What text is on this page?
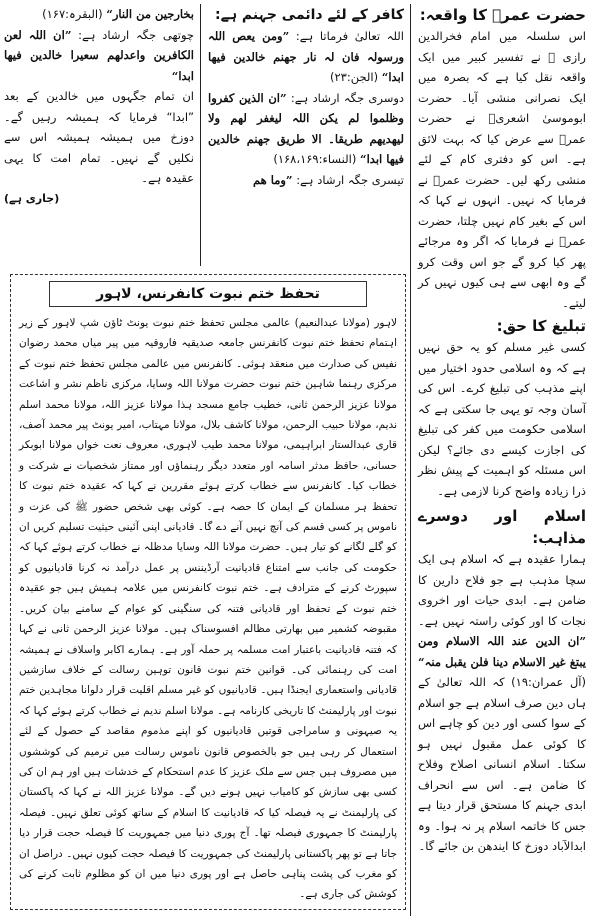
حضرت عمرؓ کا واقعہ:

اس سلسلہ میں امام فخرالدین رازی ؒ نے تفسیر کبیر میں ایک واقعہ نقل کیا ہے کہ بصرہ میں ایک نصرانی منشی آیا۔ حضرت ابوموسیٰ اشعریؓ نے حضرت عمرؓ سے عرض کیا کہ بہت لائق ہے۔ اس کو دفتری کام کے لئے منشی رکھ لیں۔ حضرت عمرؓ نے فرمایا کہ نہیں۔ انہوں نے کہا کہ اس کے بغیر کام نہیں چلتا، حضرت عمرؓ نے فرمایا کہ اگر وہ مرجائے پھر کیا کرو گے جو اس وقت کرو گے وہ ابھی سے ہی کیوں نہیں کر لیتے۔

تبلیغ کا حق:

کسی غیر مسلم کو یہ حق نہیں ہے کہ وہ اسلامی حدود اختیار میں اپنے مذہب کی تبلیغ کرے۔ اس کی آسان وجہ تو یہی جا سکتی ہے کہ اسلامی حکومت میں کفر کی تبلیغ کی اجازت کیسے دی جائے؟ لیکن اس مسئلہ کو اہمیت کے پیش نظر ذرا زیادہ واضح کرنا لازمی ہے۔

اسلام اور دوسرے مذاہب:

ہمارا عقیدہ ہے کہ اسلام ہی ایک سچا مذہب ہے جو فلاح دارین کا ضامن ہے۔ ابدی حیات اور اخروی نجات کا اور کوئی راستہ نہیں ہے۔ ”ان الدین عند اللہ الاسلام ومن یبتغ غیر الاسلام دینا فلن یقبل منہ“ (آل عمران:۱۹) کہ اللہ تعالیٰ کے ہاں دین صرف اسلام ہے جو اسلام کے سوا کسی اور دین کو چاہے اس کا کوئی عمل مقبول نہیں ہو سکتا۔ اسلام انسانی اصلاح وفلاح کا ضامن ہے۔ اس سے انحراف ابدی جہنم کا مستحق قرار دیتا ہے جس کا خاتمہ اسلام پر نہ ہوا۔ وہ ابدالآباد دوزخ کا ایندھن بن جائے گا۔

کافر کے لئے دائمی جہنم ہے:

اللہ تعالیٰ فرماتا ہے: ”ومن یعص اللہ ورسولہ فان لہ نار جھنم خالدین فیھا ابدا“ (الجن:۲۳)

دوسری جگہ ارشاد ہے: ”ان الذین کفروا وظلموا لم یکن اللہ لیغفر لھم ولا لیھدیھم طریقا۔ الا طریق جھنم خالدین فیھا ابدا“ (النساء:۱۶۸،۱۶۹)

تیسری جگہ ارشاد ہے: ”وما ھم

بخارجین من النار“ (البقرہ:۱۶۷)

چوتھی جگہ ارشاد ہے: ”ان اللہ لعن الکافرین واعدلھم سعیرا خالدین فیھا ابدا“

ان تمام جگہوں میں خالدین کے بعد ”ابدا“ فرمایا کہ ہمیشہ رہیں گے۔ دوزخ میں ہمیشہ ہمیشہ اس سے نکلیں گے نہیں۔ تمام امت کا یہی عقیدہ ہے۔

(جاری ہے)

تحفظ ختم نبوت کانفرنس، لاہور

لاہور (مولانا عبدالنعیم) عالمی مجلس تحفظ ختم نبوت یونٹ ٹاؤن شپ لاہور کے زیر اہتمام تحفظ ختم نبوت کانفرنس جامعہ صدیقیہ فاروقیہ میں پیر میاں محمد رضوان نفیس کی صدارت میں منعقد ہوئی۔ کانفرنس میں عالمی مجلس تحفظ ختم نبوت کے مرکزی رہنما شاہین ختم نبوت حضرت مولانا اللہ وسایا، مرکزی ناظم نشر و اشاعت مولانا عزیز الرحمن ثانی، خطیب جامع مسجد ہذا مولانا عزیز اللہ، مولانا محمد اسلم ندیم، مولانا حبیب الرحمن، مولانا کاشف بلال، مولانا مہتاب، امیر یونٹ پیر محمد آصف، قاری عبدالستار ابراہیمی، مولانا محمد طیب لاہوری، معروف نعت خواں مولانا ابوبکر حسانی، حافظ مدثر اسامہ اور متعدد دیگر رہنماؤں اور ممتاز شخصیات نے شرکت و خطاب کیا۔ کانفرنس سے خطاب کرتے ہوئے مقررین نے کہا کہ عقیدہ ختم نبوت کا تحفظ ہر مسلمان کے ایمان کا حصہ ہے۔ کوئی بھی شخص حضور ﷺ کی عزت و ناموس پر کسی قسم کی آنچ نہیں آنے دے گا۔ قادیانی اپنی آئینی حیثیت تسلیم کریں ان کو گلے لگانے کو تیار ہیں۔ حضرت مولانا اللہ وسایا مدظلہ نے خطاب کرتے ہوئے کہا کہ حکومت کی جانب سے امتناع قادیانیت آرڈیننس پر عمل درآمد نہ کرنا قادیانیوں کو سپورٹ کرنے کے مترادف ہے۔ ختم نبوت کانفرنس میں علامہ ہمیش ہیں جو عقیدہ ختم نبوت کے تحفظ اور قادیانی فتنہ کی سنگینی کو عوام کے سامنے بیان کریں۔ مقبوضہ کشمیر میں بھارتی مظالم افسوسناک ہیں۔ مولانا عزیز الرحمن ثانی نے کہا کہ فتنہ قادیانیت باعتبار امت مسلمہ پر حملہ آور ہے۔ ہمارے اکابر واسلاف نے ہمیشہ امت کی رہنمائی کی۔ قوانین ختم نبوت قانون توہین رسالت کے خلاف سازشیں قادیانی واستعماری ایجنڈا ہیں۔ قادیانیوں کو غیر مسلم اقلیت قرار دلوانا مجاہدین ختم نبوت اور پارلیمنٹ کا تاریخی کارنامہ ہے۔ مولانا اسلم ندیم نے خطاب کرتے ہوئے کہا کہ یہ صیہونی و سامراجی قوتیں قادیانیوں کو اپنے مذموم مقاصد کے حصول کے لئے استعمال کر رہی ہیں جو بالخصوص قانون ناموس رسالت میں ترمیم کی کوششوں میں مصروف ہیں جس سے ملک عزیز کا عدم استحکام کے خدشات ہیں اور ہم ان کی کسی بھی سازش کو کامیاب نہیں ہونے دیں گے۔ مولانا عزیز اللہ نے کہا کہ پاکستان کی پارلیمنٹ نے یہ فیصلہ کیا کہ قادیانیت کا اسلام کے ساتھ کوئی تعلق نہیں۔ فیصلہ پارلیمنٹ کا جمہوری فیصلہ تھا۔ آج پوری دنیا میں جمہوریت کا فیصلہ حجت قرار دیا جاتا ہے تو پھر پاکستانی پارلیمنٹ کی جمہوریت کا فیصلہ حجت کیوں نہیں۔ دراصل ان کو مغرب کی پشت پناہی حاصل ہے اور پوری دنیا میں ان کو مظلوم ثابت کرنے کی کوشش کی جاری ہے۔
